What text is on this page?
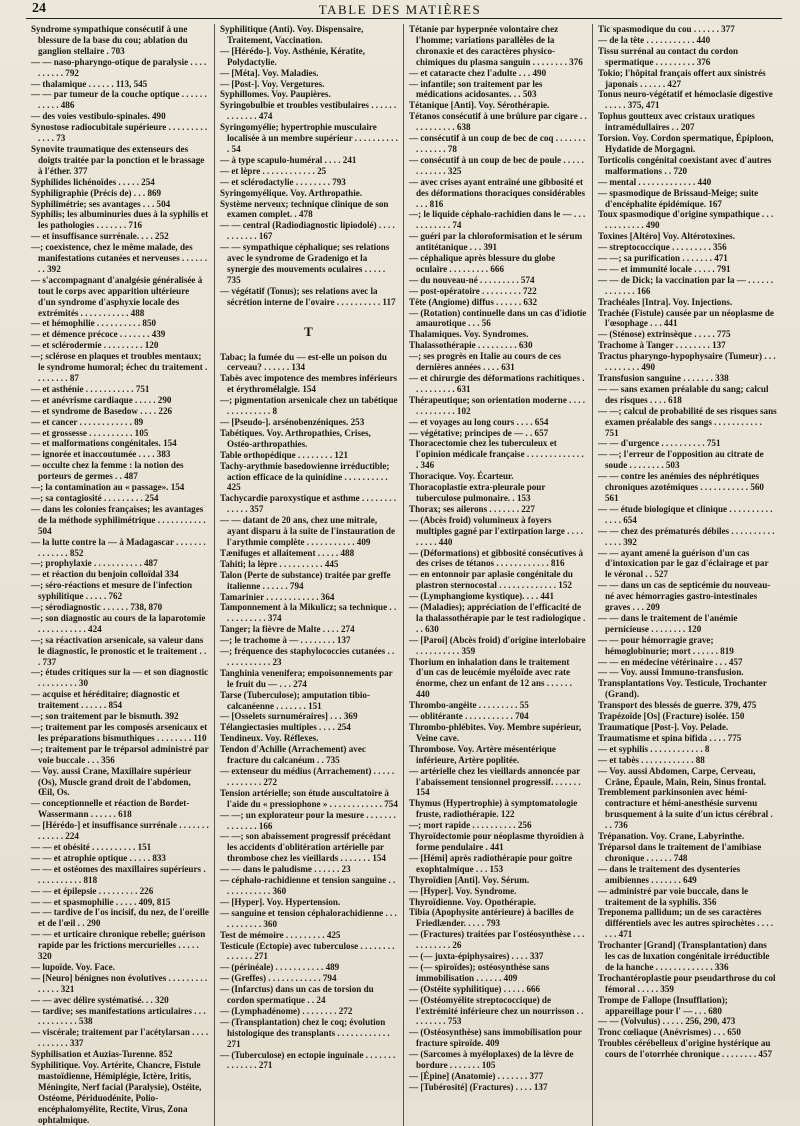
24	TABLE DES MATIÈRES
Syndrome sympathique consécutif à une blessure de la base du cou; ablation du ganglion stellaire . 703
— — naso-pharyngo-otique de paralysie . . . . . . . . . . 792
— thalamique . . . . . . 113, 545
— — par tumeur de la couche optique . . . . . . . . . . . 486
— des voies vestibulo-spinales. 490
Synostose radiocubitale supérieure . . . . . . . . . . . . . 73
Synovite traumatique des extenseurs des doigts traitée par la ponction et le brassage à l'éther. 377
Syphilides lichénoïdes . . . . . 254
Syphiligraphie (Précis de) . . . 869
Syphilimétrie; ses avantages . . . 504
Syphilis; les albuminuries dues à la syphilis et les pathologies . . . . . . . 716
— et insuffisance surrénale. . . . 252
—; coexistence, chez le même malade, des manifestations cutanées et nerveuses . . . . . . . . 392
— s'accompagnant d'analgésie généralisée à tout le corps avec apparition ultérieure d'un syndrome d'asphyxie locale des extrémités . . . . . . . . . . . 488
— et hémophilie . . . . . . . . . . 850
— et démence précoce . . . . . . . 439
— et sclérodermie . . . . . . . . . 120
—; sclérose en plaques et troubles mentaux; le syndrome humoral; échec du traitement . . . . . . . . 87
— et asthénie . . . . . . . . . . . 751
— et anévrisme cardiaque . . . . . 290
— et syndrome de Basedow . . . . 226
— et cancer . . . . . . . . . . . . 89
— et grossesse . . . . . . . . . . 105
— et malformations congénitales. 154
— ignorée et inaccoutumée . . . . 383
— occulte chez la femme : la notion des porteurs de germes . . 487
—; la contamination au « passage». 154
—; sa contagiosité . . . . . . . . . 254
— dans les colonies françaises; les avantages de la méthode syphilimétrique . . . . . . . . . . . 504
— la lutte contre la — à Madagascar . . . . . . . . . . . . . . 852
—; prophylaxie . . . . . . . . . . . 487
— et réaction du benjoin colloïdal 334
—; séro-réactions et mesure de l'infection syphilitique . . . . . 762
—; sérodiagnostic . . . . . . 738, 870
—; son diagnostic au cours de la laparotomie . . . . . . . . . . . 424
—; sa réactivation arsenicale, sa valeur dans le diagnostic, le pronostic et le traitement . . . 737
—; études critiques sur la — et son diagnostic . . . . . . . . . 30
— acquise et héréditaire; diagnostic et traitement . . . . . . 854
—; son traitement par le bismuth. 392
—; traitement par les composés arsenicaux et les préparations bismuthiques . . . . . . . . 110
—; traitement par le tréparsol administré par voie buccale . . . 356
— Voy. aussi Crane, Maxillaire supérieur (Os), Muscle grand droit de l'abdomen, Œil, Os.
— conceptionnelle et réaction de Bordet-Wassermann . . . . . . 618
— [Hérédo-] et insuffisance surrénale . . . . . . . . . . . . . 224
— — et obésité . . . . . . . . . . 151
— — et atrophie optique . . . . . 833
— — et ostéomes des maxillaires supérieurs . . . . . . . . . . . 818
— — et épilepsie . . . . . . . . . 226
— — et spasmophilie . . . . . 409, 815
— — tardive de l'os incisif, du nez, de l'oreille et de l'œil . . 290
— — et urticaire chronique rebelle; guérison rapide par les frictions mercurielles . . . . . 320
— lupoïde. Voy. Face.
— [Neuro] bénignes non évolutives . . . . . . . . . . . . . . 321
— — avec délire systématisé. . . 320
— tardive; ses manifestations articulaires . . . . . . . . . . . . 538
— viscérale; traitement par l'acétylarsan . . . . . . . . . . . 337
Syphilisation et Auzias-Turenne. 852
Syphilitique. Voy. Artérite, Chancre, Fistule mastoïdienne, Hémiplégie, Ictère, Iritis, Méningite, Nerf facial (Paralysie), Ostéite, Ostéome, Périduodénite, Polio-encéphalomyélite, Rectite, Virus, Zona ophtalmique.
Syphilitique (Anti). Voy. Dispensaire, Traitement, Vaccination.
— [Hérédo-]. Voy. Asthénie, Kératite, Polydactylie.
— [Méta]. Voy. Maladies.
— [Post-]. Voy. Vergetures.
Syphillomes. Voy. Paupières.
Syringobulbie et troubles vestibulaires . . . . . . . . . . . . . 474
Syringomyélie; hypertrophie musculaire localisée à un membre supérieur . . . . . . . . . . . 54
— à type scapulo-huméral . . . . 241
— et lèpre . . . . . . . . . . . . 25
— et sclérodactylie . . . . . . . . 793
Syringomyélique. Voy. Arthropathie.
Système nerveux; technique clinique de son examen complet. . 478
— — central (Radiodiagnostic lipiodolé) . . . . . . . . . . . 167
— — sympathique céphalique; ses relations avec le syndrome de Gradenigo et la synergie des mouvements oculaires . . . . . 735
— végétatif (Tonus); ses relations avec la sécrétion interne de l'ovaire . . . . . . . . . . 117
T
Tabac; la fumée du — est-elle un poison du cerveau? . . . . . . 134
Tabès avec impotence des membres inférieurs et érythromélalgie. 154
—; pigmentation arsenicale chez un tabétique . . . . . . . . . . 8
— [Pseudo-]. arsénobenzéniques. 253
Tabétiques. Voy. Arthropathies, Crises, Ostéo-arthropathies.
Table orthopédique . . . . . . . . 121
Tachy-arythmie basedowienne irréductible; action efficace de la quinidine . . . . . . . . . . 425
Tachycardie paroxystique et asthme . . . . . . . . . . . . . 357
— — datant de 20 ans, chez une mitrale, ayant disparu à la suite de l'instauration de l'arythmie complète . . . . . . . . . . . 409
Tænifuges et allaitement . . . . . 488
Tahiti; la lèpre . . . . . . . . . . 445
Talon (Perte de substance) traitée par greffe italienne . . . . . . 794
Tamarinier . . . . . . . . . . . . 364
Tamponnement à la Mikulicz; sa technique . . . . . . . . . . . 374
Tanger; la fièvre de Malte . . . . 274
—; le trachome à — . . . . . . . . 137
—; fréquence des staphylococcies cutanées . . . . . . . . . . . . 23
Tanghinia venenifera; empoisonnements par le fruit du — . . . 274
Tarse (Tuberculose); amputation tibio-calcanéenne . . . . . . . 151
— [Osselets surnuméraires] . . . 369
Télangiectasies multiples . . . . 254
Tendineux. Voy. Réflexes.
Tendon d'Achille (Arrachement) avec fracture du calcanéum . . 735
— extenseur du médius (Arrachement) . . . . . . . . . . . . . 272
Tension artérielle; son étude auscultatoire à l'aide du « pressiophone » . . . . . . . . . . . . 754
— —; un explorateur pour la mesure . . . . . . . . . . . . . . 166
— —; son abaissement progressif précédant les accidents d'oblitération artérielle par thrombose chez les vieillards . . . . . . . 154
— — dans le paludisme . . . . . . 23
— céphalo-rachidienne et tension sanguine . . . . . . . . . . . . 360
— [Hyper]. Voy. Hypertension.
— sanguine et tension céphalorachidienne . . . . . . . . . . . 360
Test de mémoire . . . . . . . . . 425
Testicule (Ectopie) avec tuberculose . . . . . . . . . . . . . . 271
— (périnéale) . . . . . . . . . . . 489
— (Greffes) . . . . . . . . . . . . 794
— (Infarctus) dans un cas de torsion du cordon spermatique . . 24
— (Lymphadénome) . . . . . . . . 272
— (Transplantation) chez le coq; évolution histologique des transplants . . . . . . . . . . . . 271
— (Tuberculose) en ectopie inguinale . . . . . . . . . . . . . . 271
Tétanie par hyperpnée volontaire chez l'homme; variations parallèles de la chronaxie et des caractères physico-chimiques du plasma sanguin . . . . . . . . 376
— et cataracte chez l'adulte . . . 490
— infantile; son traitement par les médications acidosantes. . . 503
Tétanique [Anti]. Voy. Sérothérapie.
Tétanos consécutif à une brûlure par cigare . . . . . . . . . . . 638
— consécutif à un coup de bec de coq . . . . . . . . . . . . . . 78
— consécutif à un coup de bec de poule . . . . . . . . . . . . 325
— avec crises ayant entraîné une gibbosité et des déformations thoraciques considérables . . . 816
—; le liquide céphalo-rachidien dans le — . . . . . . . . . . . 74
— guéri par la chloroformisation et le sérum antitétanique . . . 391
— céphalique après blessure du globe oculaire . . . . . . . . . 666
— du nouveau-né . . . . . . . . . 574
— post-opératoire . . . . . . . . . 722
Tête (Angiome) diffus . . . . . . 632
— (Rotation) continuelle dans un cas d'idiotie amaurotique . . . 56
Thalamiques. Voy. Syndromes.
Thalassothérapie . . . . . . . . . 630
—; ses progrès en Italie au cours de ces dernières années . . . . 631
— et chirurgie des déformations rachitiques . . . . . . . . . . 631
Thérapeutique; son orientation moderne . . . . . . . . . . . . . 102
— et voyages au long cours . . . . 654
— végétative; principes de — . . 657
Thoracectomie chez les tuberculeux et l'opinion médicale française . . . . . . . . . . . . . . 346
Thoracique. Voy. Écarteur.
Thoracoplastie extra-pleurale pour tuberculose pulmonaire. . 153
Thorax; ses ailerons . . . . . . . 227
— (Abcès froid) volumineux à foyers multiples gagné par l'extirpation large . . . . . . . . . 440
— (Déformations) et gibbosité consécutives à des crises de tétanos . . . . . . . . . . . . 816
— en entonnoir par aplasie congénitale du plastron sternocostal . . . . . . . . . . . . . 152
— (Lymphangiome kystique). . . . 441
— (Maladies); appréciation de l'efficacité de la thalassothérapie par le test radiologique . . . 630
— [Paroi] (Abcès froid) d'origine interlobaire . . . . . . . . . . 359
Thorium en inhalation dans le traitement d'un cas de leucémie myéloïde avec rate énorme, chez un enfant de 12 ans . . . . . . 440
Thrombo-angéite . . . . . . . . . 55
— oblitérante . . . . . . . . . . . 704
Thrombo-phlébites. Voy. Membre supérieur, Veine cave.
Thrombose. Voy. Artère mésentérique inférieure, Artère poplitée.
— artérielle chez les vieillards annoncée par l'abaissement tensionnel progressif. . . . . . . 154
Thymus (Hypertrophie) à symptomatologie fruste, radiothérapie. 122
—; mort rapide . . . . . . . . . . 256
Thyroïdectomie pour néoplasme thyroïdien à forme pendulaire . 441
— [Hémi] après radiothérapie pour goitre exophtalmique . . . 153
Thyroïdien [Anti]. Voy. Sérum.
— [Hyper]. Voy. Syndrome.
Thyroïdienne. Voy. Opothérapie.
Tibia (Apophysite antérieure) à bacilles de Friedlænder. . . . . 793
— (Fractures) traitées par l'ostéosynthèse . . . . . . . . . . . 26
— (— juxta-épiphysaires) . . . . 337
— (— spiroïdes); ostéosynthèse sans immobilisation . . . . . . 409
— (Ostéite syphilitique) . . . . . 666
— (Ostéomyélite streptococcique) de l'extrémité inférieure chez un nourrisson . . . . . . . . . 753
— (Ostéosynthèse) sans immobilisation pour fracture spiroïde. 409
— (Sarcomes à myéloplaxes) de la lèvre de bordure . . . . . . . 105
— [Épine] (Anatomie) . . . . . . . 377
— [Tubérosité] (Fractures) . . . . 137
Tic spasmodique du cou . . . . . . 377
— de la tête . . . . . . . . . . . 440
Tissu surrénal au contact du cordon spermatique . . . . . . . . . 376
Tokio; l'hôpital français offert aux sinistrés japonais . . . . . . 427
Tonus neuro-végétatif et hémoclasie digestive . . . . . 375, 471
Tophus goutteux avec cristaux uratiques intramédullaires . . 207
Torsion. Voy. Cordon spermatique, Épiploon, Hydatide de Morgagni.
Torticolis congénital coexistant avec d'autres malformations . . 720
— mental . . . . . . . . . . . . . 440
— spasmodique de Brissaud-Meige; suite d'encéphalite épidémique. 167
Toux spasmodique d'origine sympathique . . . . . . . . . . . . 490
Toxines [Altéro] Voy. Altérotoxines.
— streptococcique . . . . . . . . . 356
— —; sa purification . . . . . . . 471
— — et immunité locale . . . . . 791
— — de Dick; la vaccination par la — . . . . . . . . . . . . . 166
Trachéales [Intra]. Voy. Injections.
Trachée (Fistule) causée par un néoplasme de l'œsophage . . . 441
— (Sténose) extrinsèque . . . . . 775
Trachome à Tanger . . . . . . . . 137
Tractus pharyngo-hypophysaire (Tumeur) . . . . . . . . . . . 490
Transfusion sanguine . . . . . . . 338
— — sans examen préalable du sang; calcul des risques . . . . 618
— —; calcul de probabilité de ses risques sans examen préalable des sangs . . . . . . . . . . . 751
— — d'urgence . . . . . . . . . . 751
— —; l'erreur de l'opposition au citrate de soude . . . . . . . . 503
— — contre les anémies des néphrétiques chroniques azotémiques . . . . . . . . . . . 560 561
— — étude biologique et clinique . . . . . . . . . . . . . . 654
— — chez des prématurés débiles . . . . . . . . . . . . . . 392
— — ayant amené la guérison d'un cas d'intoxication par le gaz d'éclairage et par le véronal . . 527
— — dans un cas de septicémie du nouveau-né avec hémorragies gastro-intestinales graves . . . 209
— — dans le traitement de l'anémie pernicieuse . . . . . . . . 120
— — pour hémorragie grave; hémoglobinurie; mort . . . . . . 819
— — en médecine vétérinaire . . . 457
— — Voy. aussi Immuno-transfusion.
Transplantations Voy. Testicule, Trochanter (Grand).
Transport des blessés de guerre. 379, 475
Trapézoïde [Os] (Fracture) isolée. 150
Traumatique [Post-]. Voy. Pelade.
Traumatisme et spina bifida . . . . 775
— et syphilis . . . . . . . . . . . . 8
— et tabès . . . . . . . . . . . . 88
— Voy. aussi Abdomen, Carpe, Cerveau, Crâne, Épaule, Main, Rein, Sinus frontal.
Tremblement parkinsonien avec hémi-contracture et hémi-anesthésie survenu brusquement à la suite d'un ictus cérébral . . . 736
Trépanation. Voy. Crane, Labyrinthe.
Tréparsol dans le traitement de l'amibiase chronique . . . . . . 748
— dans le traitement des dysenteries amibiennes . . . . . . . 649
— administré par voie buccale, dans le traitement de la syphilis. 356
Treponema pallidum; un de ses caractères différentiels avec les autres spirochètes . . . . . . . 471
Trochanter [Grand] (Transplantation) dans les cas de luxation congénitale irréductible de la hanche . . . . . . . . . . . . . 336
Trochantéroplastie pour pseudarthrose du col fémoral . . . . . 359
Trompe de Fallope (Insufflation); appareillage pour l' — . . . 680
— — (Volvulus) . . . . . 256, 290, 473
Tronc cœliaque (Anévrismes) . . . 650
Troubles cérébelleux d'origine hystérique au cours de l'otorrhée chronique . . . . . . . . 457
